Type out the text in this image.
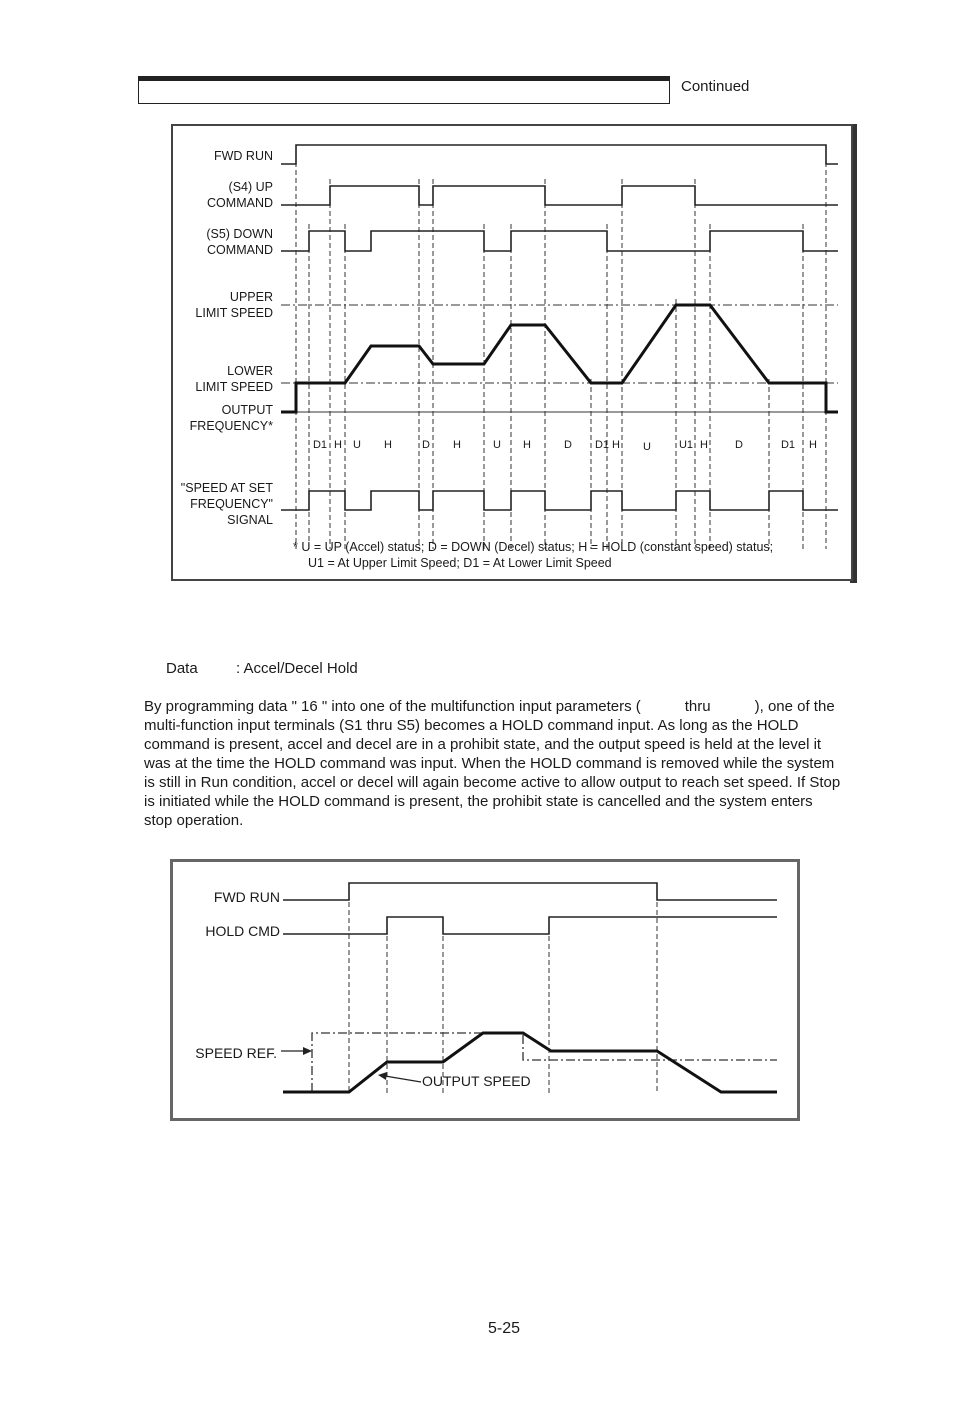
Continued
FWD RUN
(S4) UP
COMMAND
(S5) DOWN
COMMAND
UPPER
LIMIT SPEED
LOWER
LIMIT SPEED
OUTPUT
FREQUENCY*
"SPEED AT SET
FREQUENCY"
SIGNAL
D1 H	U	H	D	H	U	H	D	D1 H	U	U1 H	D	D1	H
* U = UP (Accel) status; D = DOWN (Decel) status; H = HOLD (constant speed) status;
U1 = At Upper Limit Speed; D1 = At Lower Limit Speed
Data	: Accel/Decel Hold

By programming data " 16 " into one of the multifunction input parameters (	thru	), one of the multi-function input terminals (S1 thru S5) becomes a HOLD command input. As long as the HOLD command is present, accel and decel are in a prohibit state, and the output speed is held at the level it was at the time the HOLD command was input. When the HOLD command is removed while the system is still in Run condition, accel or decel will again become active to allow output to reach set speed. If Stop is initiated while the HOLD command is present, the prohibit state is cancelled and the system enters stop operation.

FWD RUN
HOLD CMD
SPEED REF.
OUTPUT SPEED
5-25
